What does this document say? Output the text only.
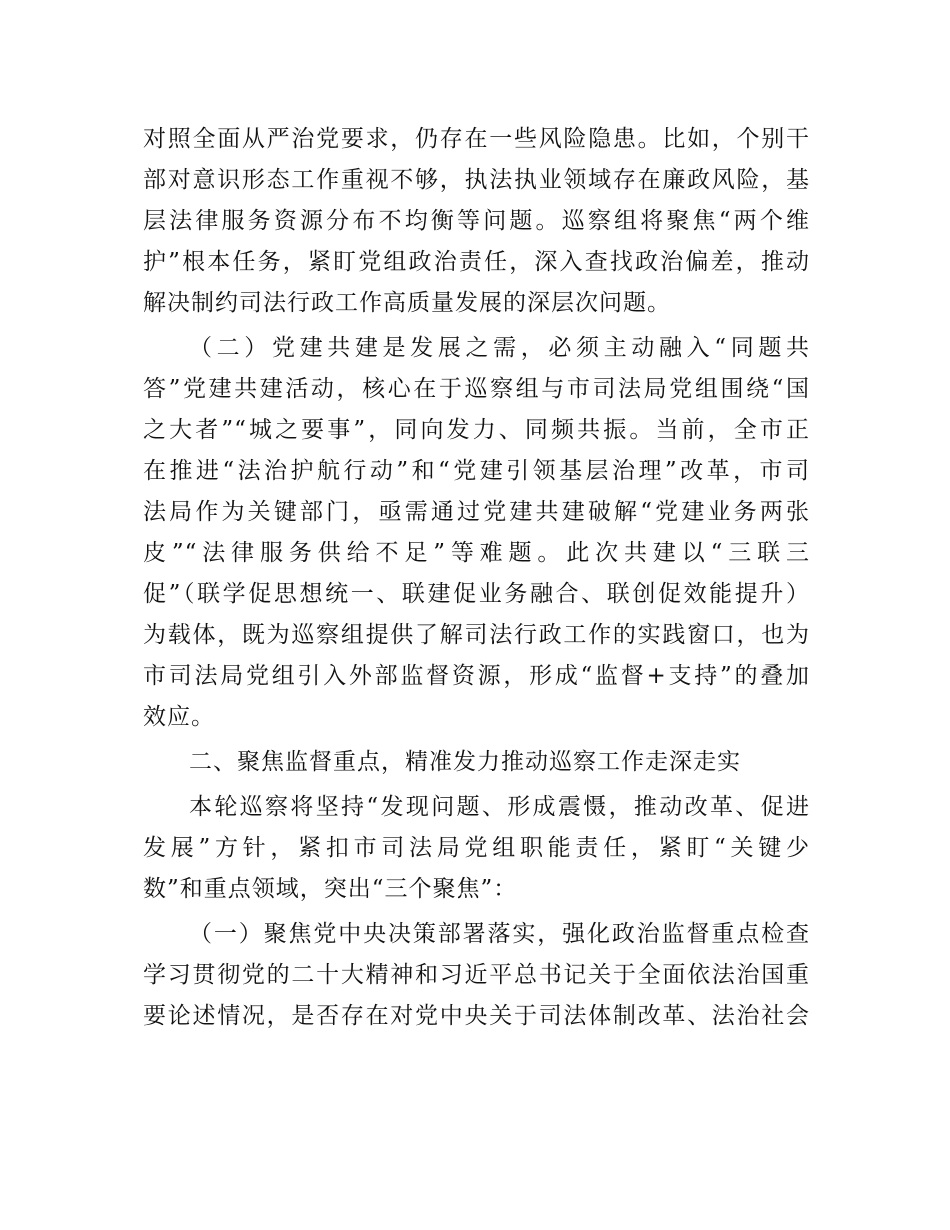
对照全面从严治党要求，仍存在一些风险隐患。比如，个别干
部对意识形态工作重视不够，执法执业领域存在廉政风险，基
层法律服务资源分布不均衡等问题。巡察组将聚焦“两个维
护”根本任务，紧盯党组政治责任，深入查找政治偏差，推动
解决制约司法行政工作高质量发展的深层次问题。

（二）党建共建是发展之需，必须主动融入“同题共
答”党建共建活动，核心在于巡察组与市司法局党组围绕“国
之大者”“城之要事”，同向发力、同频共振。当前，全市正
在推进“法治护航行动”和“党建引领基层治理”改革，市司
法局作为关键部门，亟需通过党建共建破解“党建业务两张
皮”“法律服务供给不足”等难题。此次共建以“三联三
促”（联学促思想统一、联建促业务融合、联创促效能提升）
为载体，既为巡察组提供了解司法行政工作的实践窗口，也为
市司法局党组引入外部监督资源，形成“监督+支持”的叠加
效应。

二、聚焦监督重点，精准发力推动巡察工作走深走实

本轮巡察将坚持“发现问题、形成震慑，推动改革、促进
发展”方针，紧扣市司法局党组职能责任，紧盯“关键少
数”和重点领域，突出“三个聚焦”：

（一）聚焦党中央决策部署落实，强化政治监督重点检查
学习贯彻党的二十大精神和习近平总书记关于全面依法治国重
要论述情况，是否存在对党中央关于司法体制改革、法治社会
